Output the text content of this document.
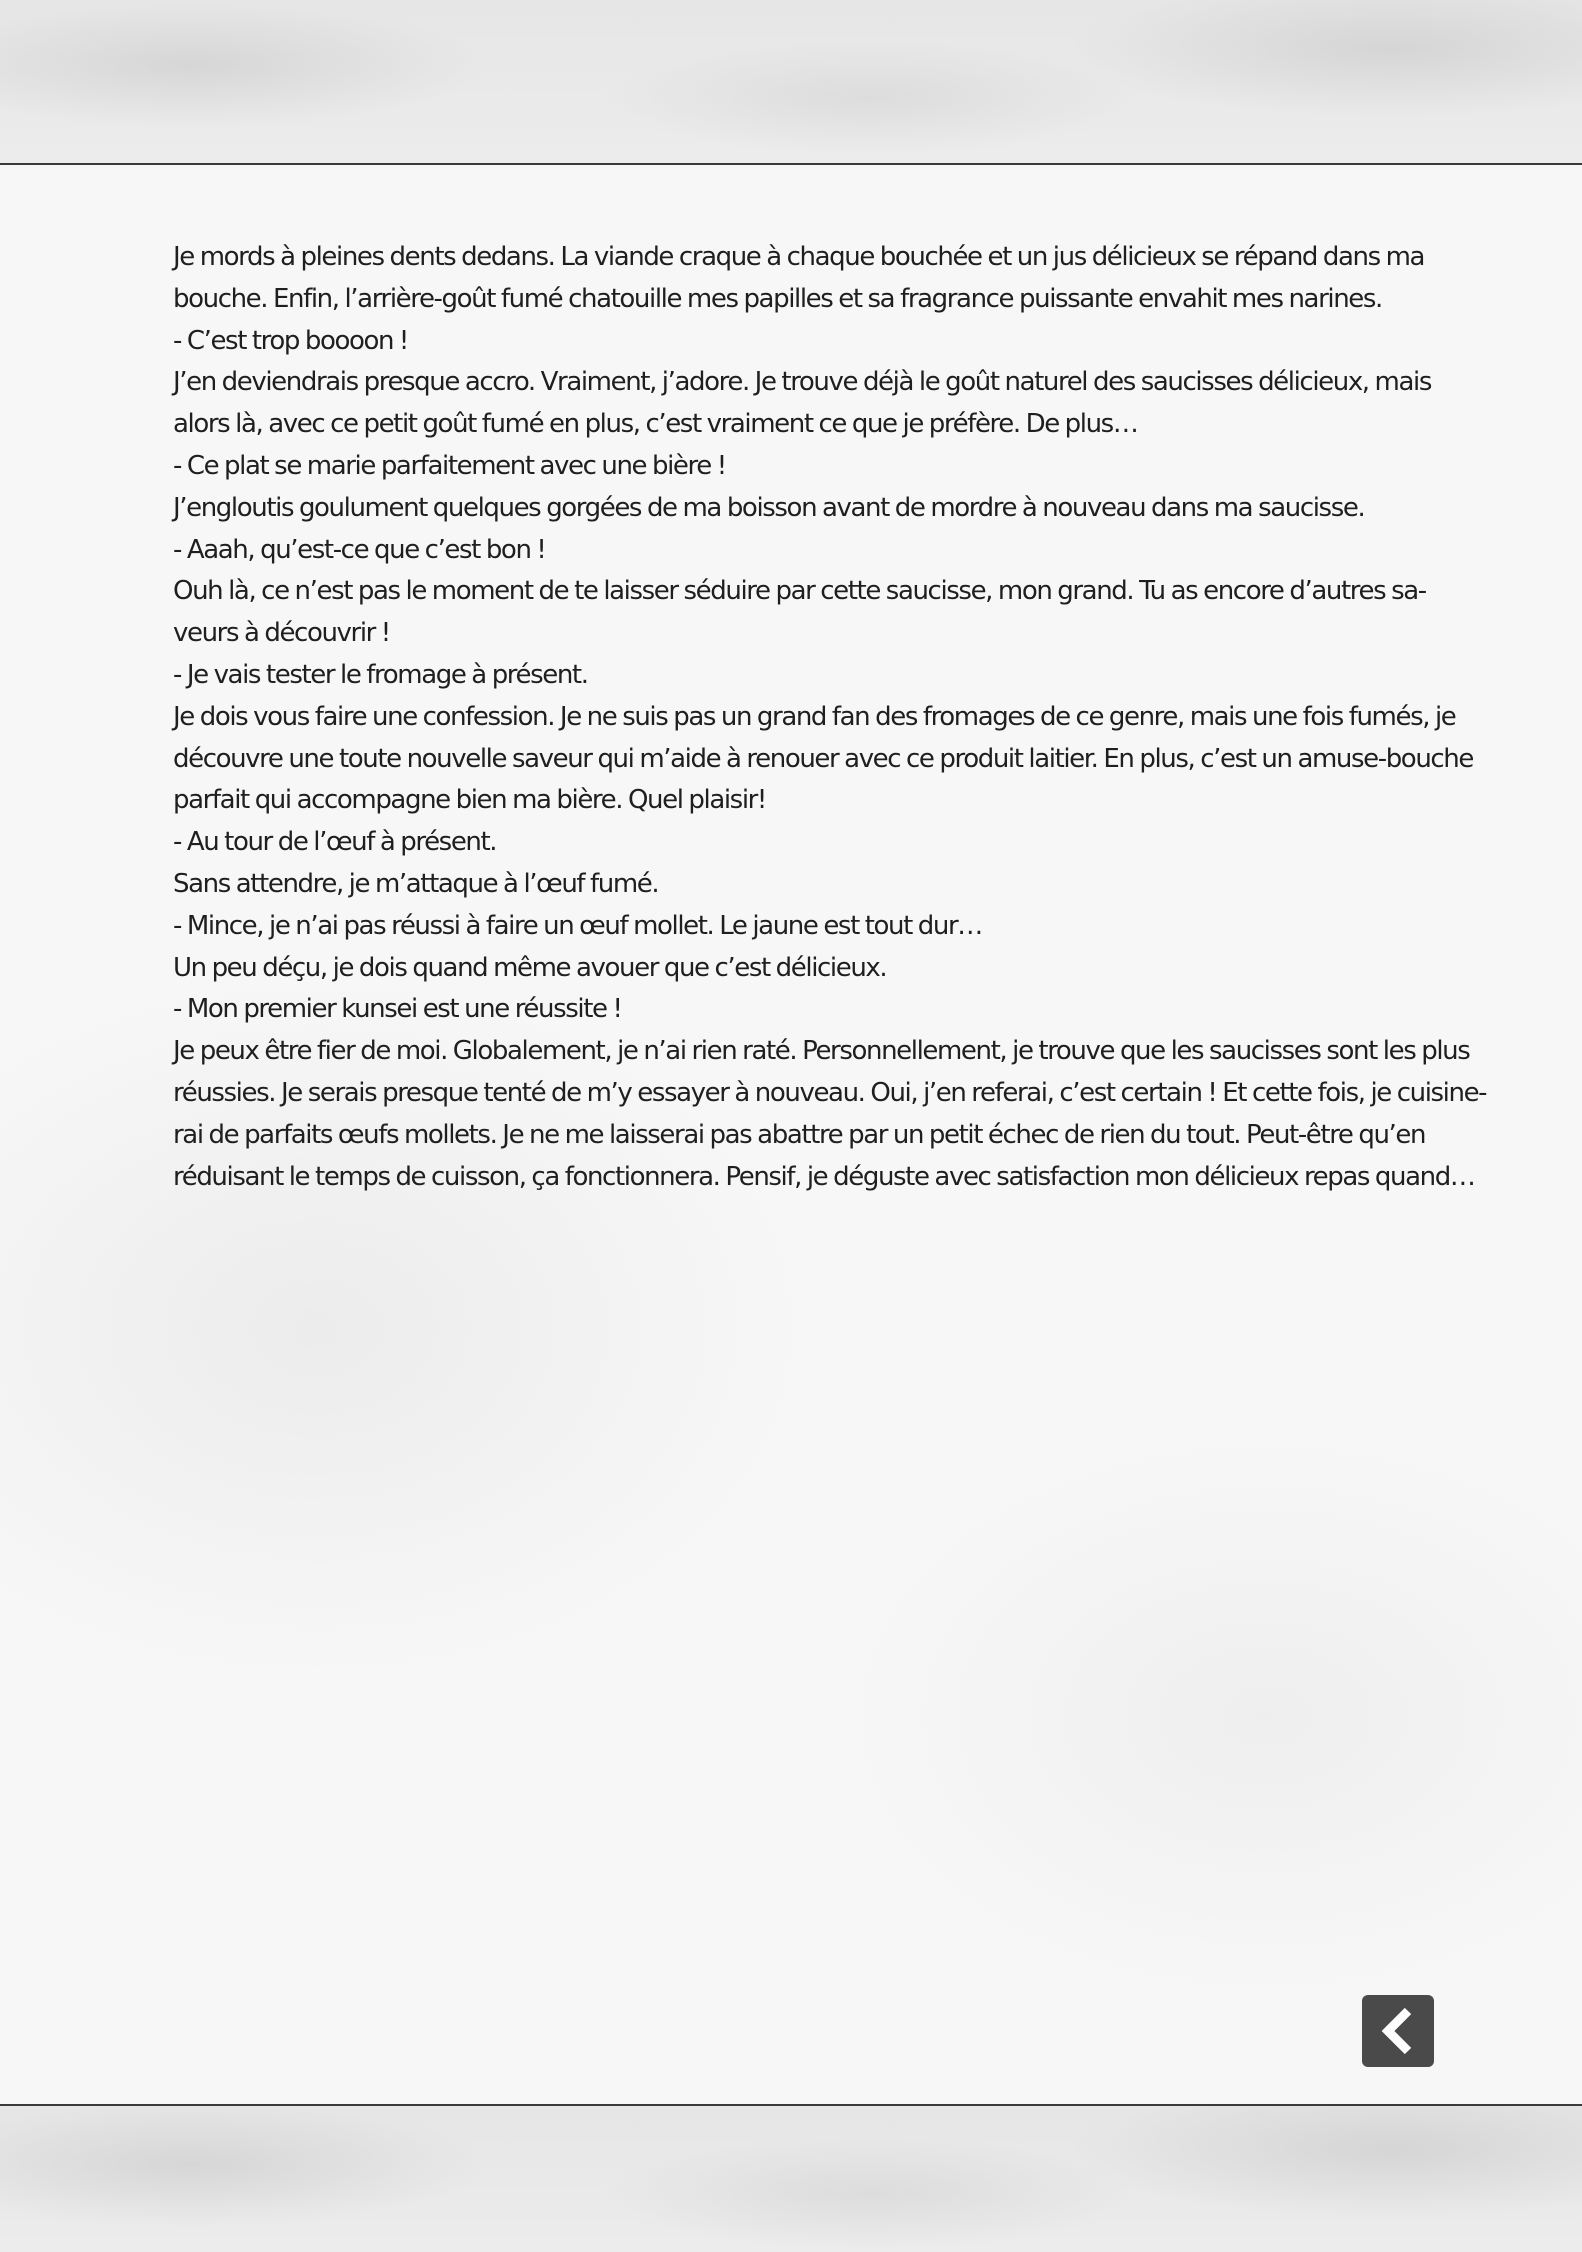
Je mords à pleines dents dedans. La viande craque à chaque bouchée et un jus délicieux se répand dans ma
bouche. Enfin, l’arrière-goût fumé chatouille mes papilles et sa fragrance puissante envahit mes narines.
- C’est trop boooon !
J’en deviendrais presque accro. Vraiment, j’adore. Je trouve déjà le goût naturel des saucisses délicieux, mais
alors là, avec ce petit goût fumé en plus, c’est vraiment ce que je préfère. De plus…
- Ce plat se marie parfaitement avec une bière !
J’engloutis goulument quelques gorgées de ma boisson avant de mordre à nouveau dans ma saucisse.
- Aaah, qu’est-ce que c’est bon !
Ouh là, ce n’est pas le moment de te laisser séduire par cette saucisse, mon grand. Tu as encore d’autres sa-
veurs à découvrir !
- Je vais tester le fromage à présent.
Je dois vous faire une confession. Je ne suis pas un grand fan des fromages de ce genre, mais une fois fumés, je
découvre une toute nouvelle saveur qui m’aide à renouer avec ce produit laitier. En plus, c’est un amuse-bouche
parfait qui accompagne bien ma bière. Quel plaisir!
- Au tour de l’œuf à présent.
Sans attendre, je m’attaque à l’œuf fumé.
- Mince, je n’ai pas réussi à faire un œuf mollet. Le jaune est tout dur…
Un peu déçu, je dois quand même avouer que c’est délicieux.
- Mon premier kunsei est une réussite !
Je peux être fier de moi. Globalement, je n’ai rien raté. Personnellement, je trouve que les saucisses sont les plus
réussies. Je serais presque tenté de m’y essayer à nouveau. Oui, j’en referai, c’est certain ! Et cette fois, je cuisine-
rai de parfaits œufs mollets. Je ne me laisserai pas abattre par un petit échec de rien du tout. Peut-être qu’en
réduisant le temps de cuisson, ça fonctionnera. Pensif, je déguste avec satisfaction mon délicieux repas quand…
